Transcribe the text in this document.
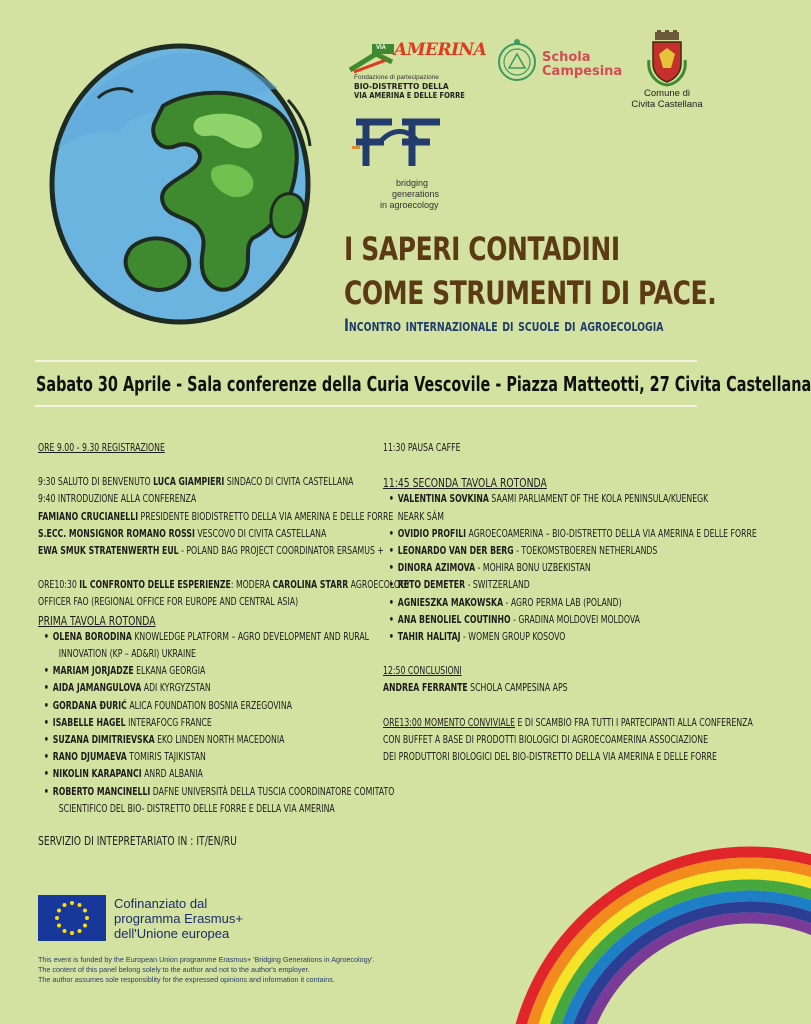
VIA AMERINA
Fondazione di partecipazione
BIO-DISTRETTO DELLA
VIA AMERINA E DELLE FORRE
Schola
Campesina
Comune di
Civita Castellana
bridging
generations
in agroecology
I SAPERI CONTADINI
COME STRUMENTI DI PACE.
Incontro internazionale di scuole di agroecologia
Sabato 30 Aprile - Sala conferenze della Curia Vescovile - Piazza Matteotti, 27 Civita Castellana
ORE 9.00 - 9.30 REGISTRAZIONE
9:30 SALUTO DI BENVENUTO LUCA GIAMPIERI SINDACO DI CIVITA CASTELLANA
9:40 INTRODUZIONE ALLA CONFERENZA
FAMIANO CRUCIANELLI PRESIDENTE BIODISTRETTO DELLA VIA AMERINA E DELLE FORRE
S.ECC. MONSIGNOR ROMANO ROSSI VESCOVO DI CIVITA CASTELLANA
EWA SMUK STRATENWERTH EUL - POLAND BAG PROJECT COORDINATOR ERSAMUS +
ORE10:30 IL CONFRONTO DELLE ESPERIENZE: MODERA CAROLINA STARR AGROECOLOGY
OFFICER FAO (REGIONAL OFFICE FOR EUROPE AND CENTRAL ASIA)
PRIMA TAVOLA ROTONDA
• OLENA BORODINA KNOWLEDGE PLATFORM – AGRO DEVELOPMENT AND RURAL
INNOVATION (KP – AD&RI) UKRAINE
• MARIAM JORJADZE ELKANA GEORGIA
• AIDA JAMANGULOVA ADI KYRGYZSTAN
• GORDANA ĐURIĆ ALICA FOUNDATION BOSNIA ERZEGOVINA
• ISABELLE HAGEL INTERAFOCG FRANCE
• SUZANA DIMITRIEVSKA EKO LINDEN NORTH MACEDONIA
• RANO DJUMAEVA TOMIRIS TAJIKISTAN
• NIKOLIN KARAPANCI ANRD ALBANIA
• ROBERTO MANCINELLI DAFNE UNIVERSITÀ DELLA TUSCIA COORDINATORE COMITATO
SCIENTIFICO DEL BIO- DISTRETTO DELLE FORRE E DELLA VIA AMERINA
SERVIZIO DI INTEPRETARIATO IN : IT/EN/RU
11:30 PAUSA CAFFE
11:45 SECONDA TAVOLA ROTONDA
• VALENTINA SOVKINA SAAMI PARLIAMENT OF THE KOLA PENINSULA/KUENEGK
NEARK SÁM
• OVIDIO PROFILI AGROECOAMERINA – BIO-DISTRETTO DELLA VIA AMERINA E DELLE FORRE
• LEONARDO VAN DER BERG - TOEKOMSTBOEREN NETHERLANDS
• DINORA AZIMOVA - MOHIRA BONU UZBEKISTAN
• RETO DEMETER - SWITZERLAND
• AGNIESZKA MAKOWSKA - AGRO PERMA LAB (POLAND)
• ANA BENOLIEL COUTINHO - GRADINA MOLDOVEI MOLDOVA
• TAHIR HALITAJ - WOMEN GROUP KOSOVO
12:50 CONCLUSIONI
ANDREA FERRANTE SCHOLA CAMPESINA APS
ORE13:00 MOMENTO CONVIVIALE E DI SCAMBIO FRA TUTTI I PARTECIPANTI ALLA CONFERENZA
CON BUFFET A BASE DI PRODOTTI BIOLOGICI DI AGROECOAMERINA ASSOCIAZIONE
DEI PRODUTTORI BIOLOGICI DEL BIO-DISTRETTO DELLA VIA AMERINA E DELLE FORRE
Cofinanziato dal
programma Erasmus+
dell'Unione europea
This event is funded by the European Union programme Erasmus+ 'Bridging Generations in Agroecology'.
The content of this panel belong solely to the author and not to the author's employer.
The author assumes sole responsiblity for the expressed opinions and information it contains.
